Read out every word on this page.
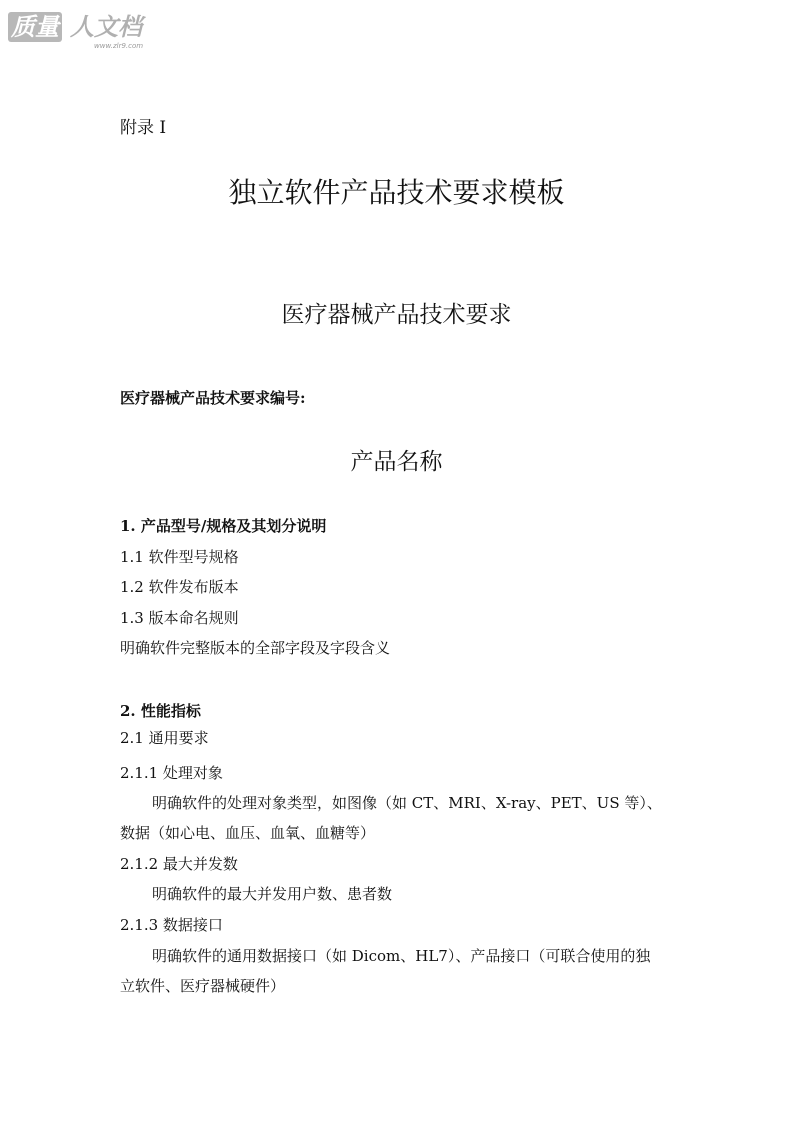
质量 人文档
www.zlr9.com
附录 I
独立软件产品技术要求模板
医疗器械产品技术要求
医疗器械产品技术要求编号:
产品名称
1. 产品型号/规格及其划分说明
1.1 软件型号规格
1.2 软件发布版本
1.3 版本命名规则
明确软件完整版本的全部字段及字段含义
2. 性能指标
2.1 通用要求
2.1.1 处理对象
明确软件的处理对象类型，如图像（如 CT、MRI、X-ray、PET、US 等）、
数据（如心电、血压、血氧、血糖等）
2.1.2 最大并发数
明确软件的最大并发用户数、患者数
2.1.3 数据接口
明确软件的通用数据接口（如 Dicom、HL7）、产品接口（可联合使用的独
立软件、医疗器械硬件）
